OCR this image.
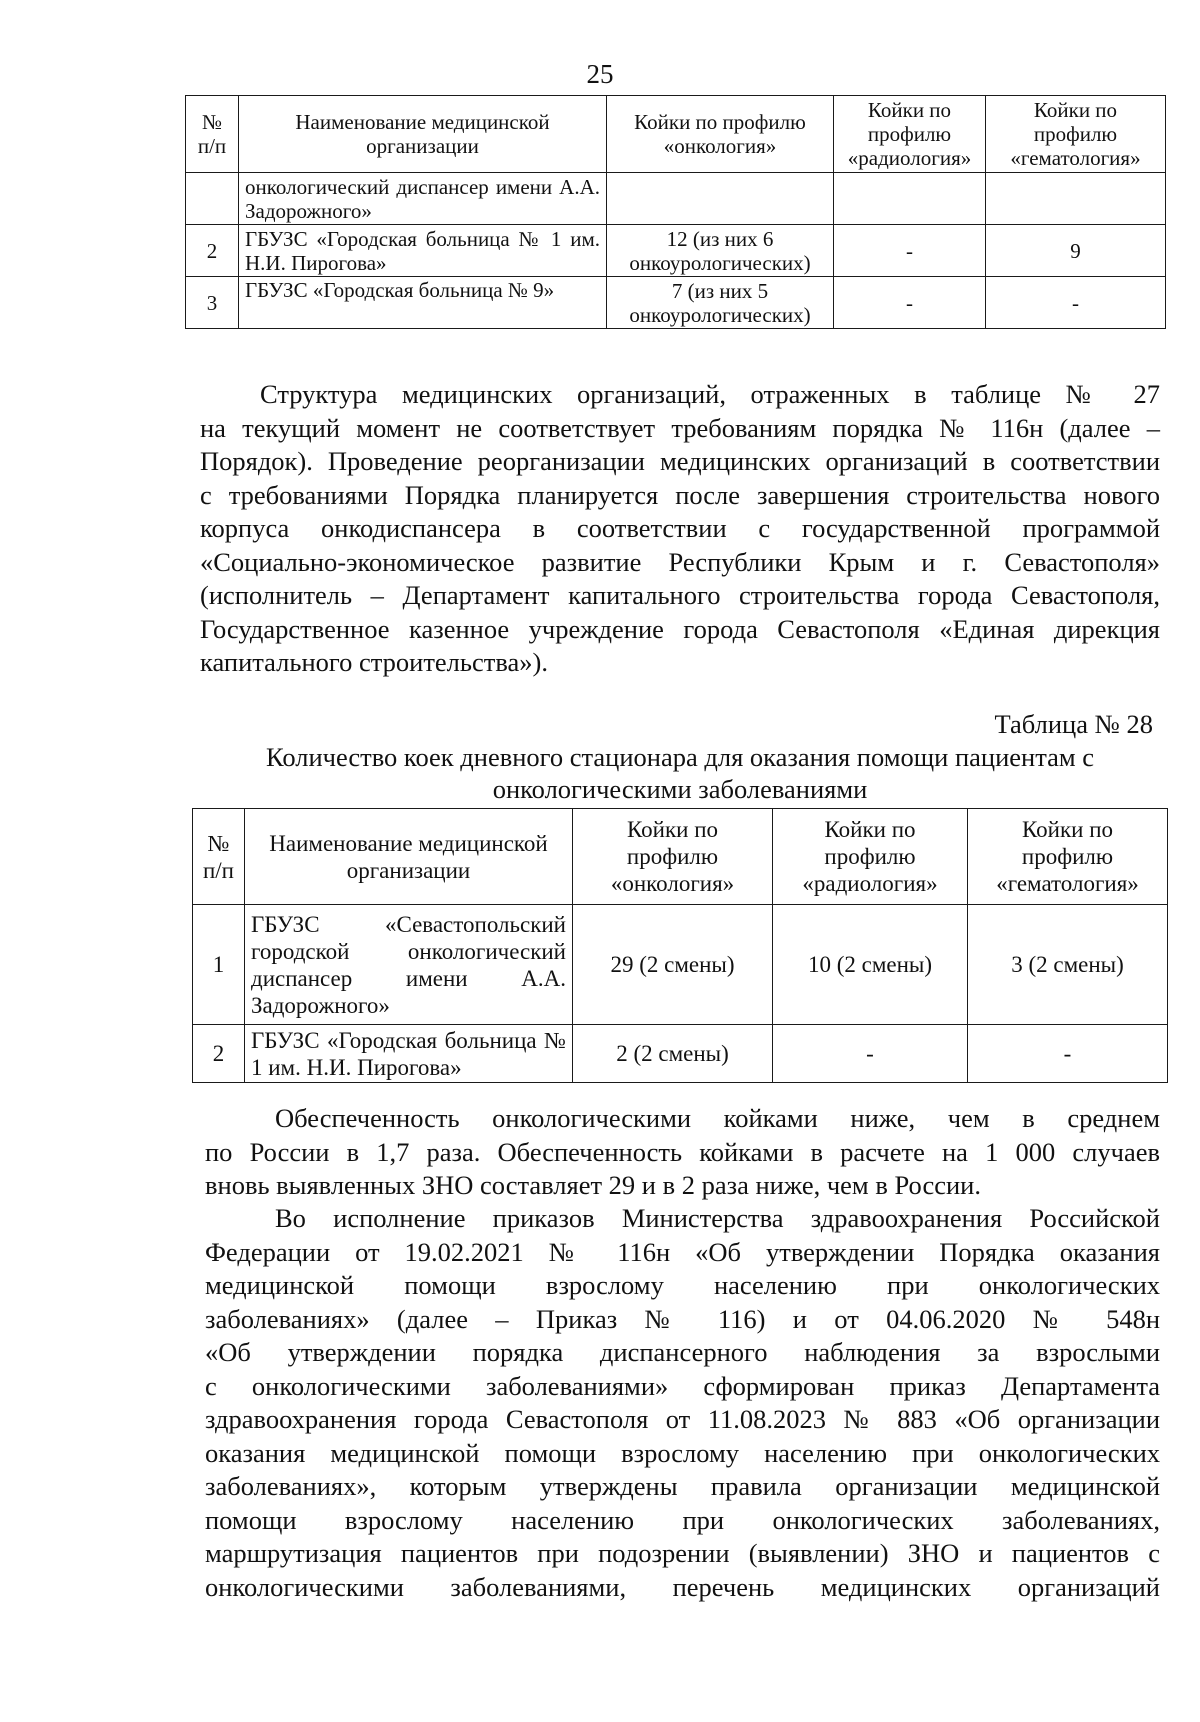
25
№ п/п	Наименование медицинской организации	Койки по профилю «онкология»	Койки по профилю «радиология»	Койки по профилю «гематология»
	онкологический диспансер имени А.А. Задорожного»			
2	ГБУЗС «Городская больница № 1 им. Н.И. Пирогова»	12 (из них 6 онкоурологических)	-	9
3	ГБУЗС «Городская больница № 9»	7 (из них 5 онкоурологических)	-	-
Структура медицинских организаций, отраженных в таблице № 27
на текущий момент не соответствует требованиям порядка № 116н (далее –
Порядок). Проведение реорганизации медицинских организаций в соответствии
с требованиями Порядка планируется после завершения строительства нового
корпуса онкодиспансера в соответствии с государственной программой
«Социально-экономическое развитие Республики Крым и г. Севастополя»
(исполнитель – Департамент капитального строительства города Севастополя,
Государственное казенное учреждение города Севастополя «Единая дирекция
капитального строительства»).
Таблица № 28
Количество коек дневного стационара для оказания помощи пациентам с онкологическими заболеваниями
№ п/п	Наименование медицинской организации	Койки по профилю «онкология»	Койки по профилю «радиология»	Койки по профилю «гематология»
1	ГБУЗС «Севастопольский городской онкологический диспансер имени А.А. Задорожного»	29 (2 смены)	10 (2 смены)	3 (2 смены)
2	ГБУЗС «Городская больница № 1 им. Н.И. Пирогова»	2 (2 смены)	-	-
Обеспеченность онкологическими койками ниже, чем в среднем
по России в 1,7 раза. Обеспеченность койками в расчете на 1 000 случаев
вновь выявленных ЗНО составляет 29 и в 2 раза ниже, чем в России.
Во исполнение приказов Министерства здравоохранения Российской
Федерации от 19.02.2021 № 116н «Об утверждении Порядка оказания
медицинской помощи взрослому населению при онкологических
заболеваниях» (далее – Приказ № 116) и от 04.06.2020 № 548н
«Об утверждении порядка диспансерного наблюдения за взрослыми
с онкологическими заболеваниями» сформирован приказ Департамента
здравоохранения города Севастополя от 11.08.2023 № 883 «Об организации
оказания медицинской помощи взрослому населению при онкологических
заболеваниях», которым утверждены правила организации медицинской
помощи взрослому населению при онкологических заболеваниях,
маршрутизация пациентов при подозрении (выявлении) ЗНО и пациентов с
онкологическими заболеваниями, перечень медицинских организаций
